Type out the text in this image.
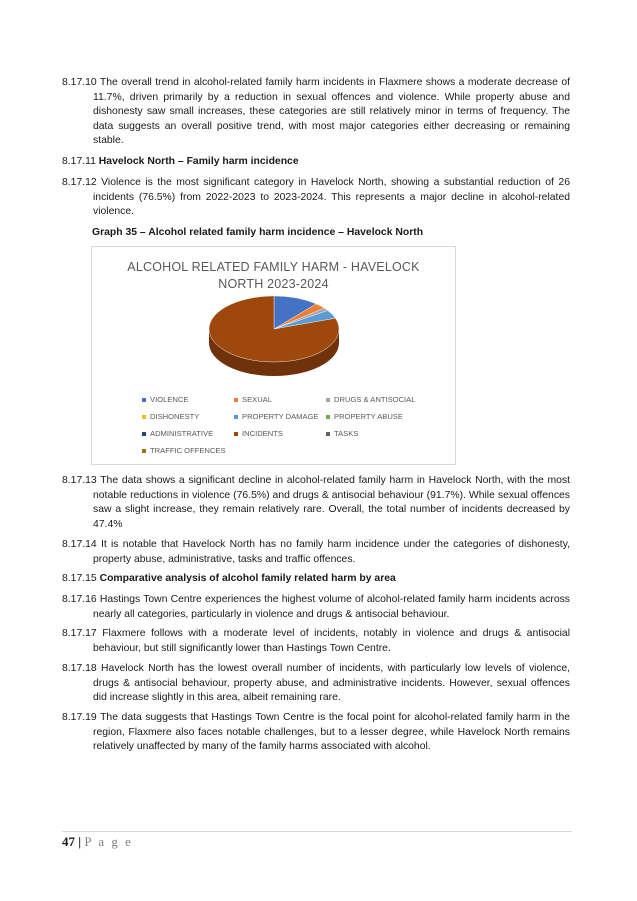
8.17.10 The overall trend in alcohol-related family harm incidents in Flaxmere shows a moderate decrease of 11.7%, driven primarily by a reduction in sexual offences and violence. While property abuse and dishonesty saw small increases, these categories are still relatively minor in terms of frequency. The data suggests an overall positive trend, with most major categories either decreasing or remaining stable.

8.17.11 Havelock North – Family harm incidence

8.17.12 Violence is the most significant category in Havelock North, showing a substantial reduction of 26 incidents (76.5%) from 2022-2023 to 2023-2024. This represents a major decline in alcohol-related violence.

Graph 35 – Alcohol related family harm incidence – Havelock North

ALCOHOL RELATED FAMILY HARM - HAVELOCK
NORTH 2023-2024
VIOLENCE	SEXUAL	DRUGS & ANTISOCIAL
DISHONESTY	PROPERTY DAMAGE	PROPERTY ABUSE
ADMINISTRATIVE	INCIDENTS	TASKS
TRAFFIC OFFENCES

8.17.13 The data shows a significant decline in alcohol-related family harm in Havelock North, with the most notable reductions in violence (76.5%) and drugs & antisocial behaviour (91.7%). While sexual offences saw a slight increase, they remain relatively rare. Overall, the total number of incidents decreased by 47.4%

8.17.14 It is notable that Havelock North has no family harm incidence under the categories of dishonesty, property abuse, administrative, tasks and traffic offences.

8.17.15 Comparative analysis of alcohol family related harm by area

8.17.16 Hastings Town Centre experiences the highest volume of alcohol-related family harm incidents across nearly all categories, particularly in violence and drugs & antisocial behaviour.

8.17.17 Flaxmere follows with a moderate level of incidents, notably in violence and drugs & antisocial behaviour, but still significantly lower than Hastings Town Centre.

8.17.18 Havelock North has the lowest overall number of incidents, with particularly low levels of violence, drugs & antisocial behaviour, property abuse, and administrative incidents. However, sexual offences did increase slightly in this area, albeit remaining rare.

8.17.19 The data suggests that Hastings Town Centre is the focal point for alcohol-related family harm in the region, Flaxmere also faces notable challenges, but to a lesser degree, while Havelock North remains relatively unaffected by many of the family harms associated with alcohol.

47 | P a g e
